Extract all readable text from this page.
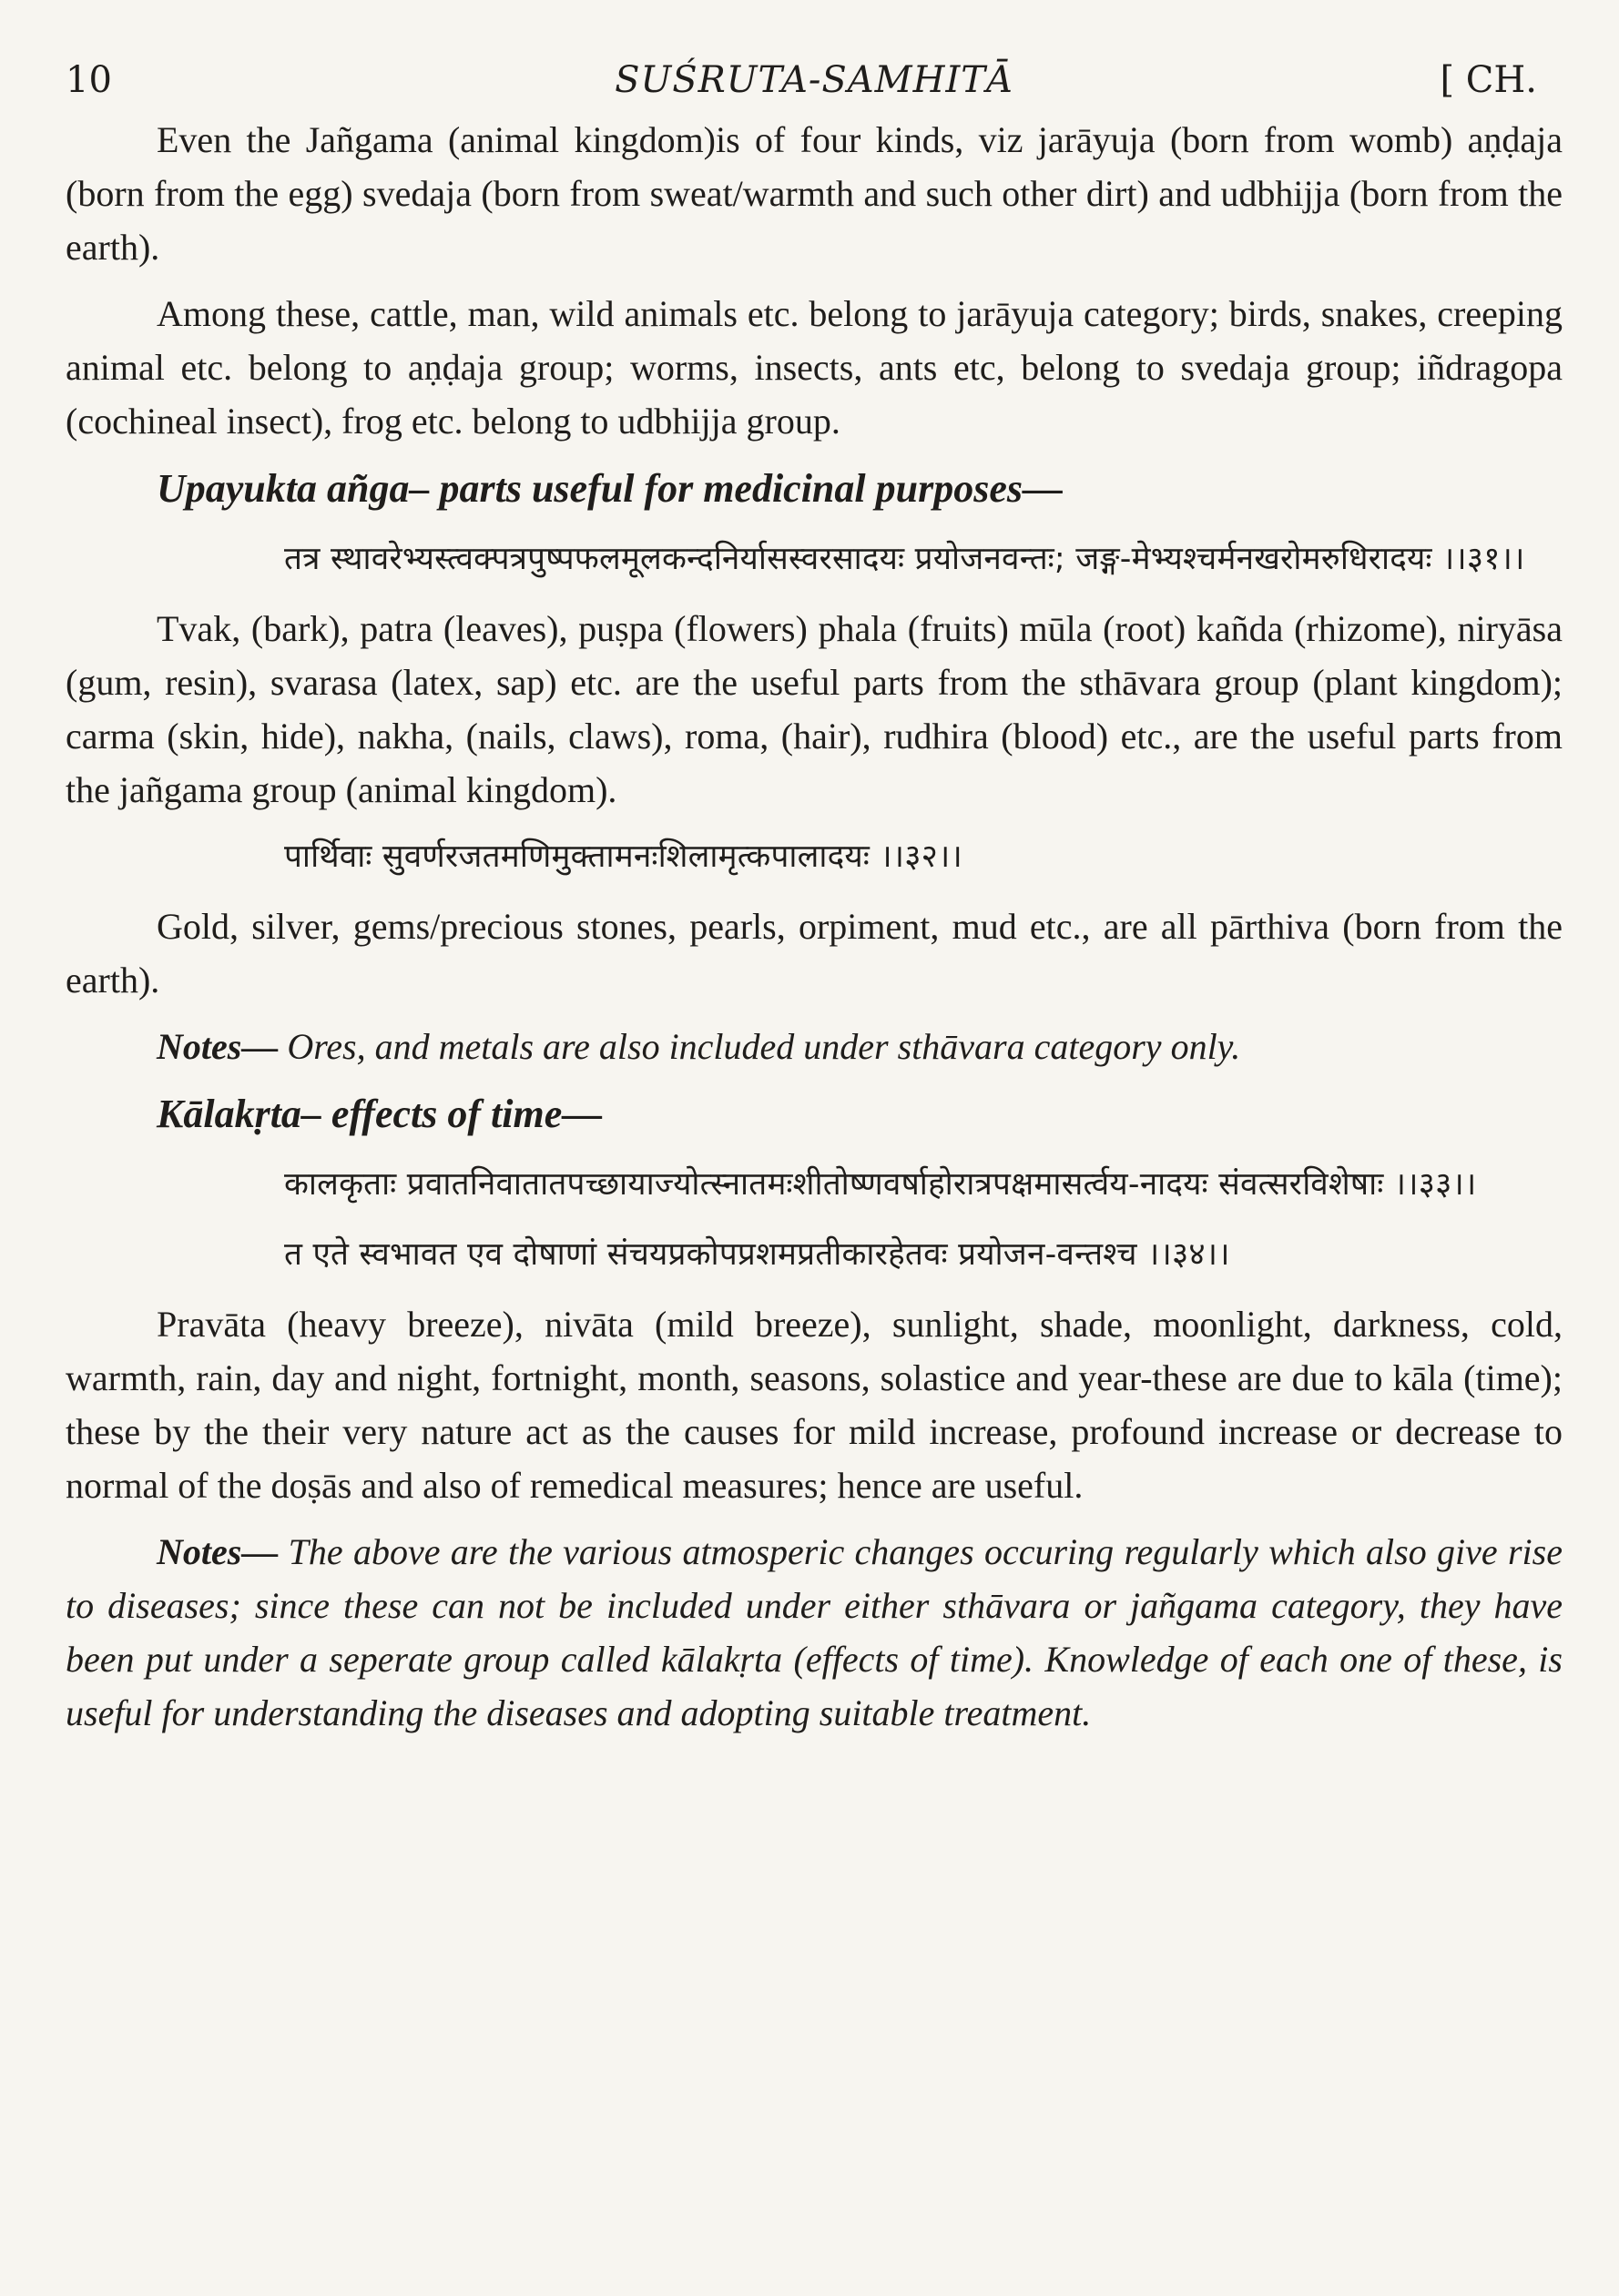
10	SUŚRUTA-SAMHITĀ	[ CH.

Even the Jañgama (animal kingdom)is of four kinds, viz jarāyuja (born from womb) aṇḍaja (born from the egg) svedaja (born from sweat/warmth and such other dirt) and udbhijja (born from the earth).

Among these, cattle, man, wild animals etc. belong to jarāyuja category; birds, snakes, creeping animal etc. belong to aṇḍaja group; worms, insects, ants etc, belong to svedaja group; iñdragopa (cochineal insect), frog etc. belong to udbhijja group.

Upayukta añga– parts useful for medicinal purposes—

तत्र स्थावरेभ्यस्त्वक्पत्रपुष्पफलमूलकन्दनिर्यासस्वरसादयः प्रयोजनवन्तः; जङ्ग-मेभ्यश्चर्मनखरोमरुधिरादयः ।।३१।।

Tvak, (bark), patra (leaves), puṣpa (flowers) phala (fruits) mūla (root) kañda (rhizome), niryāsa (gum, resin), svarasa (latex, sap) etc. are the useful parts from the sthāvara group (plant kingdom); carma (skin, hide), nakha, (nails, claws), roma, (hair), rudhira (blood) etc., are the useful parts from the jañgama group (animal kingdom).

पार्थिवाः सुवर्णरजतमणिमुक्तामनःशिलामृत्कपालादयः ।।३२।।

Gold, silver, gems/precious stones, pearls, orpiment, mud etc., are all pārthiva (born from the earth).

Notes— Ores, and metals are also included under sthāvara category only.

Kālakṛta– effects of time—

कालकृताः प्रवातनिवातातपच्छायाज्योत्स्नातमःशीतोष्णवर्षाहोरात्रपक्षमासर्त्वय-नादयः संवत्सरविशेषाः ।।३३।।

त एते स्वभावत एव दोषाणां संचयप्रकोपप्रशमप्रतीकारहेतवः प्रयोजन-वन्तश्च ।।३४।।

Pravāta (heavy breeze), nivāta (mild breeze), sunlight, shade, moonlight, darkness, cold, warmth, rain, day and night, fortnight, month, seasons, solastice and year-these are due to kāla (time); these by the their very nature act as the causes for mild increase, profound increase or decrease to normal of the doṣās and also of remedical measures; hence are useful.

Notes— The above are the various atmosperic changes occuring regularly which also give rise to diseases; since these can not be included under either sthāvara or jañgama category, they have been put under a seperate group called kālakṛta (effects of time). Knowledge of each one of these, is useful for understanding the diseases and adopting suitable treatment.
